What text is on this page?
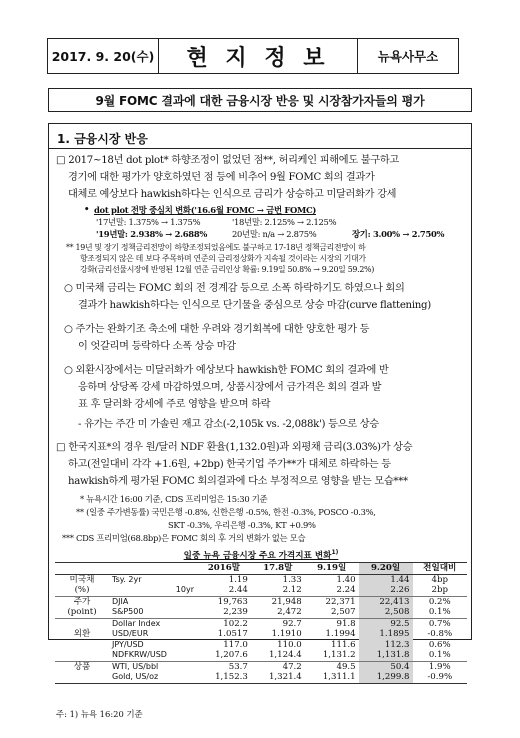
2017. 9. 20(수)	현 지 정 보	뉴욕사무소
9월 FOMC 결과에 대한 금융시장 반응 및 시장참가자들의 평가
1. 금융시장 반응
□ 2017~18년 dot plot* 하향조정이 없었던 점**, 허리케인 피해에도 불구하고
경기에 대한 평가가 양호하였던 점 등에 비추어 9월 FOMC 회의 결과가
대체로 예상보다 hawkish하다는 인식으로 금리가 상승하고 미달러화가 강세
• dot plot 전망 중심치 변화('16.6월 FOMC → 금번 FOMC)
'17년말: 1.375% → 1.375%	'18년말: 2.125% → 2.125%
'19년말: 2.938% → 2.688%	20년말: n/a → 2.875%	장기: 3.00% → 2.750%
** 19년 및 장기 정책금리전망이 하향조정되었음에도 불구하고 17-18년 정책금리전망이 하
향조정되지 않은 데 보다 주목하며 연준의 금리정상화가 지속될 것이라는 시장의 기대가
강화(금리선물시장에 반영된 12월 연준 금리인상 확률: 9.19일 50.8% → 9.20일 59.2%)
○ 미국채 금리는 FOMC 회의 전 경계감 등으로 소폭 하락하기도 하였으나 회의
결과가 hawkish하다는 인식으로 단기물을 중심으로 상승 마감(curve flattening)
○ 주가는 완화기조 축소에 대한 우려와 경기회복에 대한 양호한 평가 등
이 엇갈리며 등락하다 소폭 상승 마감
○ 외환시장에서는 미달러화가 예상보다 hawkish한 FOMC 회의 결과에 반
응하며 상당폭 강세 마감하였으며, 상품시장에서 금가격은 회의 결과 발
표 후 달러화 강세에 주로 영향을 받으며 하락
- 유가는 주간 미 가솔린 재고 감소(-2,105k vs. -2,088k') 등으로 상승
□ 한국지표*의 경우 원/달러 NDF 환율(1,132.0원)과 외평채 금리(3.03%)가 상승
하고(전일대비 각각 +1.6원, +2bp) 한국기업 주가**가 대체로 하락하는 등
hawkish하게 평가된 FOMC 회의결과에 다소 부정적으로 영향을 받는 모습***
* 뉴욕시간 16:00 기준, CDS 프리미엄은 15:30 기준
** (일중 주가변동률) 국민은행 -0.8%, 신한은행 -0.5%, 한전 -0.3%, POSCO -0.3%,
SKT -0.3%, 우리은행 -0.3%, KT +0.9%
*** CDS 프리미엄(68.8bp)은 FOMC 회의 후 거의 변화가 없는 모습
일중 뉴욕 금융시장 주요 가격지표 변화$^{1)}$
		2016말	17.8말	9.19일	9.20일	전일대비
미국채	Tsy. 2yr	1.19	1.33	1.40	1.44	4bp
(%)	10yr	2.44	2.12	2.24	2.26	2bp
주가	DJIA	19,763	21,948	22,371	22,413	0.2%
(point)	S&P500	2,239	2,472	2,507	2,508	0.1%
	Dollar Index	102.2	92.7	91.8	92.5	0.7%
외환	USD/EUR	1.0517	1.1910	1.1994	1.1895	-0.8%
	JPY/USD	117.0	110.0	111.6	112.3	0.6%
	NDFKRW/USD	1,207.6	1,124.4	1,131.2	1,131.8	0.1%
상품	WTI, US/bbl	53.7	47.2	49.5	50.4	1.9%
	Gold, US/oz	1,152.3	1,321.4	1,311.1	1,299.8	-0.9%
주: 1) 뉴욕 16:20 기준
